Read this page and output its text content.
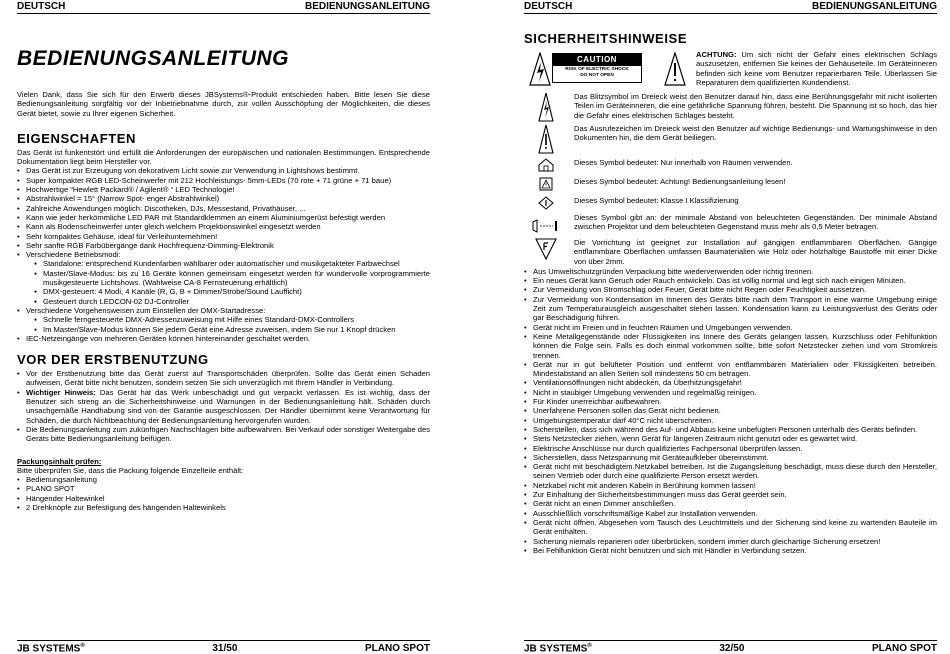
DEUTSCH	BEDIENUNGSANLEITUNG
BEDIENUNGSANLEITUNG

Vielen Dank, dass Sie sich für den Erwerb dieses JBSystems®-Produkt entschieden haben. Bitte lesen Sie diese Bedienungsanleitung sorgfältig vor der Inbetriebnahme durch, zur vollen Ausschöpfung der Möglichkeiten, die dieses Gerät bietet, sowie zu Ihrer eigenen Sicherheit.

EIGENSCHAFTEN

Das Gerät ist funkentstört und erfüllt die Anforderungen der europäischen und nationalen Bestimmungen. Entsprechende Dokumentation liegt beim Hersteller vor.

• Das Gerät ist zur Erzeugung von dekorativem Licht sowie zur Verwendung in Lightshows bestimmt.
• Super kompakter RGB LED-Scheinwerfer mit 212 Hochleistungs- 5mm-LEDs (70 rote + 71 grüne + 71 baue)
• Hochwertige “Hewlett Packard® / Agilent® “ LED Technologie!
• Abstrahlwinkel = 15° (Narrow Spot- enger Abstrahlwinkel)
• Zahlreiche Anwendungen möglich: Discotheken, DJs, Messestand, Privathäuser, ...
• Kann wie jeder herkömmliche LED PAR mit Standardklemmen an einem Aluminiumgerüst befestigt werden
• Kann als Bodenscheinwerfer unter gleich welchem Projektionswinkel eingesetzt werden
• Sehr kompaktes Gehäuse, ideal für Verleihunternehmen!
• Sehr sanfte RGB Farbübergänge dank Hochfrequenz-Dimming-Elektronik
• Verschiedene Betriebsmodi:
● Standalone: entsprechend Kundenfarben wählbarer oder automatischer und musikgetakteter Farbwechsel
● Master/Slave-Modus: bis zu 16 Geräte können gemeinsam eingesetzt werden für wundervolle vorprogrammierte musikgesteuerte Lichtshows. (Wahlweise CA-8 Fernsteuerung erhältlich)
● DMX-gesteuert: 4 Modi, 4 Kanäle (R, G, B + Dimmer/Strobe/Sound Laufficht)
● Gesteuert durch LEDCON-02 DJ-Controller
• Verschiedene Vorgehensweisen zum Einstellen der DMX-Startadresse:
● Schnelle ferngesteuerte DMX-Adressenzuweisung mit Hilfe eines Standard-DMX-Controllers
● Im Master/Slave-Modus können Sie jedem Gerät eine Adresse zuweisen, indem Sie nur 1 Knopf drücken
• IEC-Netzeingänge von mehreren Geräten können hintereinander geschaltet werden.
VOR DER ERSTBENUTZUNG
• Vor der Erstbenutzung bitte das Gerät zuerst auf Transportschäden überprüfen. Sollte das Gerät einen Schaden aufweisen, Gerät bitte nicht benutzen, sondern setzen Sie sich unverzüglich mit Ihrem Händler in Verbindung.
• Wichtiger Hinweis: Das Gerät hat das Werk unbeschädigt und gut verpackt verlassen. Es ist wichtig, dass der Benutzer sich streng an die Sicherheitshinweise und Warnungen in der Bedienungsanleitung hält. Schäden durch unsachgemäße Handhabung sind von der Garantie ausgeschlossen. Der Händler übernimmt keine Verantwortung für Schäden, die durch Nichtbeachtung der Bedienungsanleitung hervorgerufen wurden.
• Die Bedienungsanleitung zum zukünftigen Nachschlagen bitte aufbewahren. Bei Verkauf oder sonstiger Weitergabe des Geräts bitte Bedienungsanleitung beifügen.
Packungsinhalt prüfen:

Bitte überprüfen Sie, dass die Packung folgende Einzelteile enthält:

• Bedienungsanleitung
• PLANO SPOT
• Hängender Haltewinkel
• 2 Drehknöpfe zur Befestigung des hängenden Haltewinkels
JB SYSTEMS®	31/50	PLANO SPOT
DEUTSCH	BEDIENUNGSANLEITUNG
SICHERHEITSHINWEISE
CAUTION
RISK OF ELECTRIC SHOCK
DO NOT OPEN

ACHTUNG: Um sich nicht der Gefahr eines elektrischen Schlags auszusetzen, entfernen Sie keines der Gehäuseteile. Im Geräteinneren befinden sich keine vom Benutzer reparierbaren Teile. Überlassen Sie Reparaturen dem qualifizierten Kundendienst.

Das Blitzsymbol im Dreieck weist den Benutzer darauf hin, dass eine Berührungsgefahr mit nicht isolierten Teilen im Geräteinneren, die eine gefährliche Spannung führen, besteht. Die Spannung ist so hoch, das hier die Gefahr eines elektrischen Schlages besteht.

Das Ausrufezeichen im Dreieck weist den Benutzer auf wichtige Bedienungs- und Wartungshinweise in den Dokumenten hin, die dem Gerät beiliegen.

Dieses Symbol bedeutet: Nur innerhalb von Räumen verwenden.

Dieses Symbol bedeutet: Achtung! Bedienungsanleitung lesen!

Dieses Symbol bedeutet: Klasse I Klassifizierung

Dieses Symbol gibt an: der minimale Abstand von beleuchteten Gegenständen. Der minimale Abstand zwischen Projektor und dem beleuchteten Gegenstand muss mehr als 0,5 Meter betragen.

Die Vorrichtung ist geeignet zur Installation auf gängigen entflammbaren Oberflächen. Gängige entflammbare Oberflächen umfassen Baumaterialien wie Holz oder holzhaltige Baustoffe mit einer Dicke von über 2mm.

• Aus Umweltschutzgründen Verpackung bitte wiederverwenden oder richtig trennen.
• Ein neues Gerät kann Geruch oder Rauch entwickeln. Das ist völlig normal und legt sich nach einigen Minuten.
• Zur Vermeidung von Stromschlag oder Feuer, Gerät bitte nicht Regen oder Feuchtigkeit aussetzen.
• Zur Vermeidung von Kondensation im Inneren des Geräts bitte nach dem Transport in eine warme Umgebung einige Zeit zum Temperaturausgleich ausgeschaltet stehen lassen. Kondensation kann zu Leistungsverlust des Geräts oder gar Beschädigung führen.
• Gerät nicht im Freien und in feuchten Räumen und Umgebungen verwenden.
• Keine Metallgegenstände oder Flüssigkeiten ins Innere des Geräts gelangen lassen, Kurzschluss oder Fehlfunktion können die Folge sein. Falls es doch einmal vorkommen sollte, bitte sofort Netzstecker ziehen und vom Stromkreis trennen.
• Gerät nur in gut belüfteter Position und entfernt von entflammbaren Materialien oder Flüssigkeiten betreiben. Mindestabstand an allen Seiten soll mindestens 50 cm betragen.
• Ventilationsöffnungen nicht abdecken, da Überhitzungsgefahr!
• Nicht in staubiger Umgebung verwenden und regelmäßig reinigen.
• Für Kinder unerreichbar aufbewahren.
• Unerfahrene Personen sollen das Gerät nicht bedienen.
• Umgebungstemperatur darf 40°C nicht überschreiten.
• Sicherstellen, dass sich während des Auf- und Abbaus keine unbefugten Personen unterhalb des Geräts befinden.
• Stets Netzstecker ziehen, wenn Gerät für längeren Zeitraum nicht genutzt oder es gewartet wird.
• Elektrische Anschlüsse nur durch qualifiziertes Fachpersonal überprüfen lassen.
• Sicherstellen, dass Netzspannung mit Geräteaufkleber übereinstimmt.
• Gerät nicht mit beschädigtem Netzkabel betreiben. Ist die Zugangsleitung beschädigt, muss diese durch den Hersteller, seinen Vertrieb oder durch eine qualifizierte Person ersetzt werden.
• Netzkabel nicht mit anderen Kabeln in Berührung kommen lassen!
• Zur Einhaltung der Sicherheitsbestimmungen muss das Gerät geerdet sein.
• Gerät nicht an einen Dimmer anschließen.
• Ausschließlich vorschriftsmäßige Kabel zur Installation verwenden.
• Gerät nicht öffnen. Abgesehen vom Tausch des Leuchtmittels und der Sicherung sind keine zu wartenden Bauteile im Gerät enthalten.
• Sicherung niemals reparieren oder überbrücken, sondern immer durch gleichartige Sicherung ersetzen!
• Bei Fehlfunktion Gerät nicht benutzen und sich mit Händler in Verbindung setzen.
JB SYSTEMS®	32/50	PLANO SPOT
